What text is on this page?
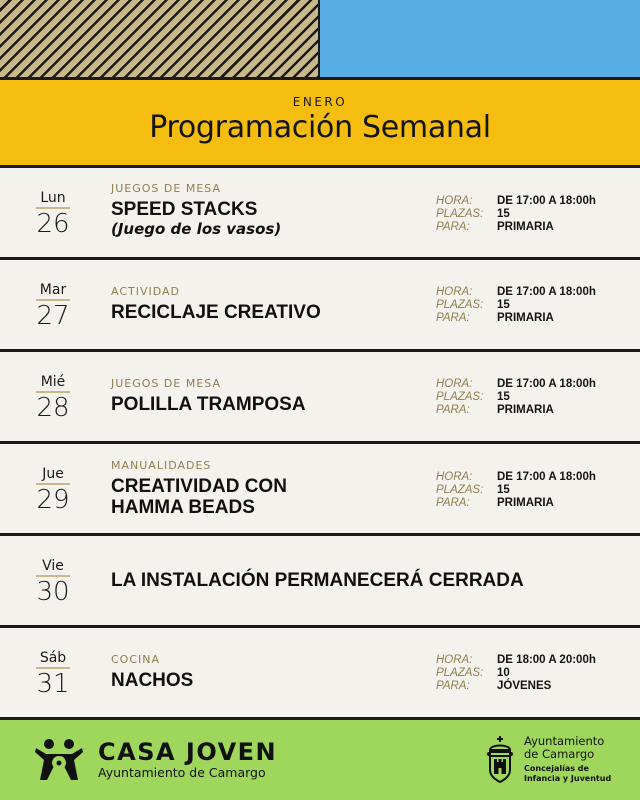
ENERO
Programación Semanal
Lun
26
JUEGOS DE MESA
SPEED STACKS
(Juego de los vasos)
HORA:	DE 17:00 A 18:00h
PLAZAS:	15
PARA:	PRIMARIA
Mar
27
ACTIVIDAD
RECICLAJE CREATIVO
HORA:	DE 17:00 A 18:00h
PLAZAS:	15
PARA:	PRIMARIA
Mié
28
JUEGOS DE MESA
POLILLA TRAMPOSA
HORA:	DE 17:00 A 18:00h
PLAZAS:	15
PARA:	PRIMARIA
Jue
29
MANUALIDADES
CREATIVIDAD CON
HAMMA BEADS
HORA:	DE 17:00 A 18:00h
PLAZAS:	15
PARA:	PRIMARIA
Vie
30	LA INSTALACIÓN PERMANECERÁ CERRADA
Sáb
31
COCINA
NACHOS
HORA:	DE 18:00 A 20:00h
PLAZAS:	10
PARA:	JÓVENES
CASA JOVEN
Ayuntamiento de Camargo
Ayuntamiento
de Camargo
Concejalías de
Infancia y Juventud
